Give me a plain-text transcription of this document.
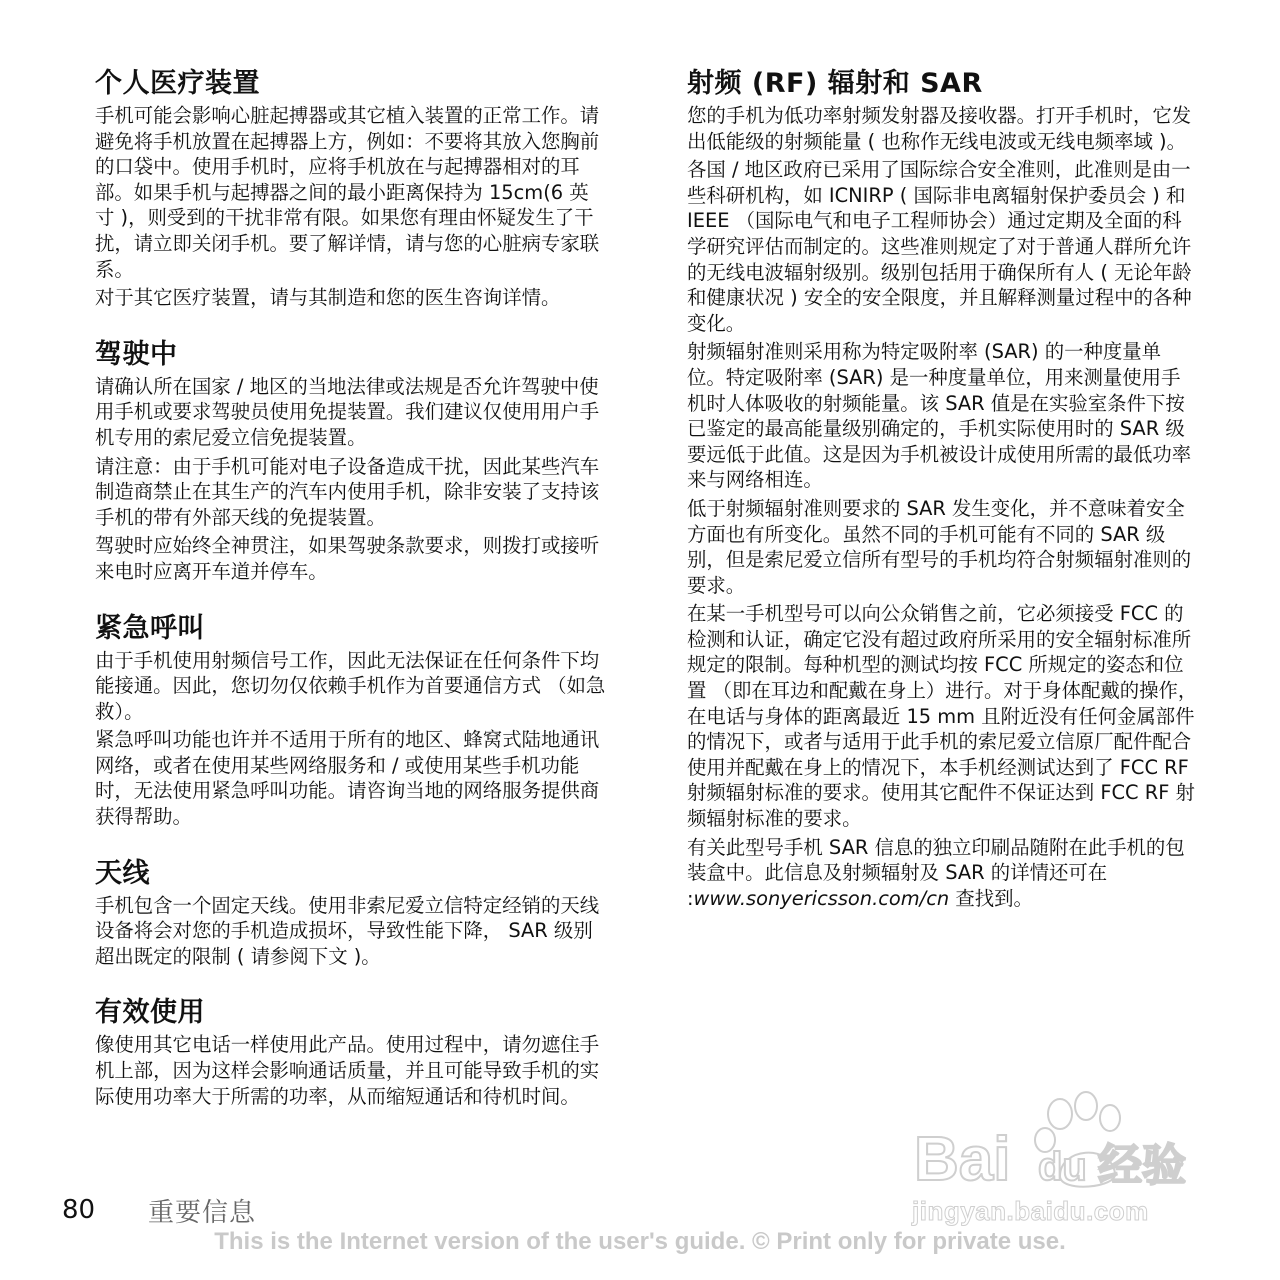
个人医疗装置

手机可能会影响心脏起搏器或其它植入装置的正常工作。请避免将手机放置在起搏器上方，例如：不要将其放入您胸前的口袋中。使用手机时，应将手机放在与起搏器相对的耳部。如果手机与起搏器之间的最小距离保持为 15cm(6 英寸 )，则受到的干扰非常有限。如果您有理由怀疑发生了干扰，请立即关闭手机。要了解详情，请与您的心脏病专家联系。

对于其它医疗装置，请与其制造和您的医生咨询详情。

驾驶中

请确认所在国家 / 地区的当地法律或法规是否允许驾驶中使用手机或要求驾驶员使用免提装置。我们建议仅使用用户手机专用的索尼爱立信免提装置。

请注意：由于手机可能对电子设备造成干扰，因此某些汽车制造商禁止在其生产的汽车内使用手机，除非安装了支持该手机的带有外部天线的免提装置。

驾驶时应始终全神贯注，如果驾驶条款要求，则拨打或接听来电时应离开车道并停车。

紧急呼叫

由于手机使用射频信号工作，因此无法保证在任何条件下均能接通。因此，您切勿仅依赖手机作为首要通信方式 （如急救）。

紧急呼叫功能也许并不适用于所有的地区、蜂窝式陆地通讯网络，或者在使用某些网络服务和 / 或使用某些手机功能时，无法使用紧急呼叫功能。请咨询当地的网络服务提供商获得帮助。

天线

手机包含一个固定天线。使用非索尼爱立信特定经销的天线设备将会对您的手机造成损坏，导致性能下降， SAR 级别超出既定的限制 ( 请参阅下文 )。

有效使用

像使用其它电话一样使用此产品。使用过程中，请勿遮住手机上部，因为这样会影响通话质量，并且可能导致手机的实际使用功率大于所需的功率，从而缩短通话和待机时间。

射频 (RF) 辐射和 SAR

您的手机为低功率射频发射器及接收器。打开手机时，它发出低能级的射频能量 ( 也称作无线电波或无线电频率域 )。

各国 / 地区政府已采用了国际综合安全准则，此准则是由一些科研机构，如 ICNIRP ( 国际非电离辐射保护委员会 ) 和 IEEE （国际电气和电子工程师协会）通过定期及全面的科学研究评估而制定的。这些准则规定了对于普通人群所允许的无线电波辐射级别。级别包括用于确保所有人 ( 无论年龄和健康状况 ) 安全的安全限度，并且解释测量过程中的各种变化。

射频辐射准则采用称为特定吸附率 (SAR) 的一种度量单位。特定吸附率 (SAR) 是一种度量单位，用来测量使用手机时人体吸收的射频能量。该 SAR 值是在实验室条件下按已鉴定的最高能量级别确定的，手机实际使用时的 SAR 级要远低于此值。这是因为手机被设计成使用所需的最低功率来与网络相连。

低于射频辐射准则要求的 SAR 发生变化，并不意味着安全方面也有所变化。虽然不同的手机可能有不同的 SAR 级别，但是索尼爱立信所有型号的手机均符合射频辐射准则的要求。

在某一手机型号可以向公众销售之前，它必须接受 FCC 的检测和认证，确定它没有超过政府所采用的安全辐射标准所规定的限制。每种机型的测试均按 FCC 所规定的姿态和位置 （即在耳边和配戴在身上）进行。对于身体配戴的操作，在电话与身体的距离最近 15 mm 且附近没有任何金属部件的情况下，或者与适用于此手机的索尼爱立信原厂配件配合使用并配戴在身上的情况下，本手机经测试达到了 FCC RF 射频辐射标准的要求。使用其它配件不保证达到 FCC RF 射频辐射标准的要求。

有关此型号手机 SAR 信息的独立印刷品随附在此手机的包装盒中。此信息及射频辐射及 SAR 的详情还可在 :www.sonyericsson.com/cn 查找到。

Bai du 经验
jingyan.baidu.com
80 重要信息
This is the Internet version of the user's guide. © Print only for private use.
